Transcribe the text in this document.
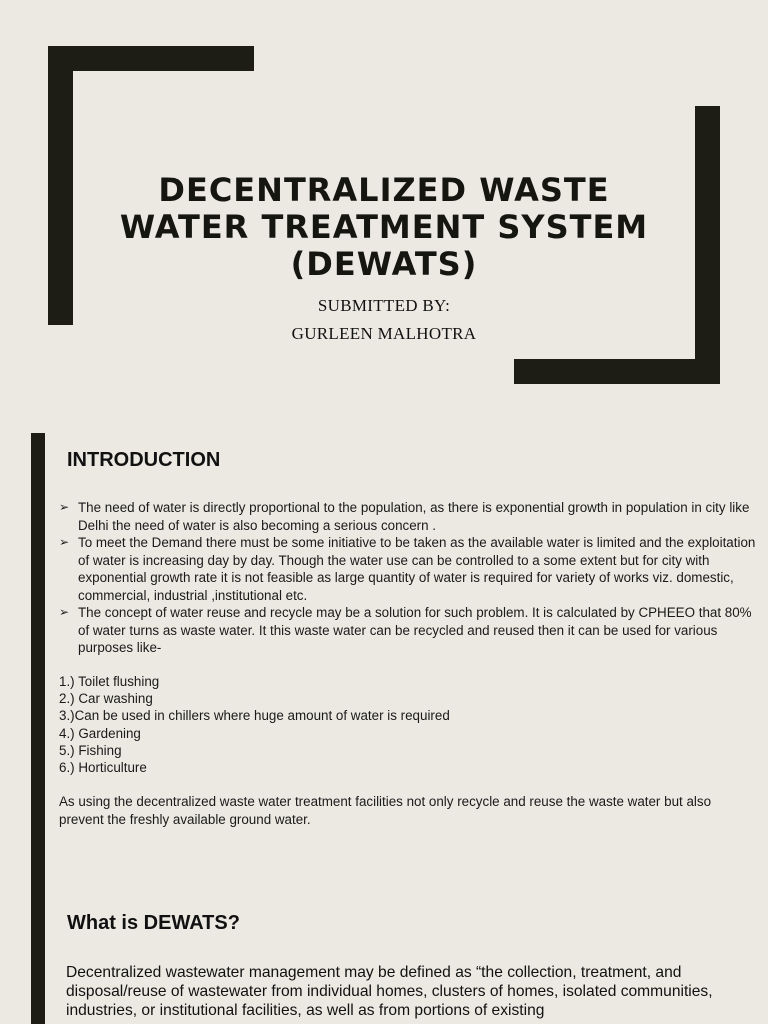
DECENTRALIZED WASTE
WATER TREATMENT SYSTEM
(DEWATS)
SUBMITTED BY:
GURLEEN MALHOTRA
INTRODUCTION
➢ The need of water is directly proportional to the population, as there is exponential growth in population in city like Delhi the need of water is also becoming a serious concern .
➢ To meet the Demand there must be some initiative to be taken as the available water is limited and the exploitation of water is increasing day by day. Though the water use can be controlled to a some extent but for city with exponential growth rate it is not feasible as large quantity of water is required for variety of works viz. domestic, commercial, industrial ,institutional etc.
➢ The concept of water reuse and recycle may be a solution for such problem. It is calculated by CPHEEO that 80% of water turns as waste water. It this waste water can be recycled and reused then it can be used for various purposes like-
1.) Toilet flushing
2.) Car washing
3.)Can be used in chillers where huge amount of water is required
4.) Gardening
5.) Fishing
6.) Horticulture

As using the decentralized waste water treatment facilities not only recycle and reuse the waste water but also prevent the freshly available ground water.

What is DEWATS?

Decentralized wastewater management may be defined as “the collection, treatment, and disposal/reuse of wastewater from individual homes, clusters of homes, isolated communities, industries, or institutional facilities, as well as from portions of existing
